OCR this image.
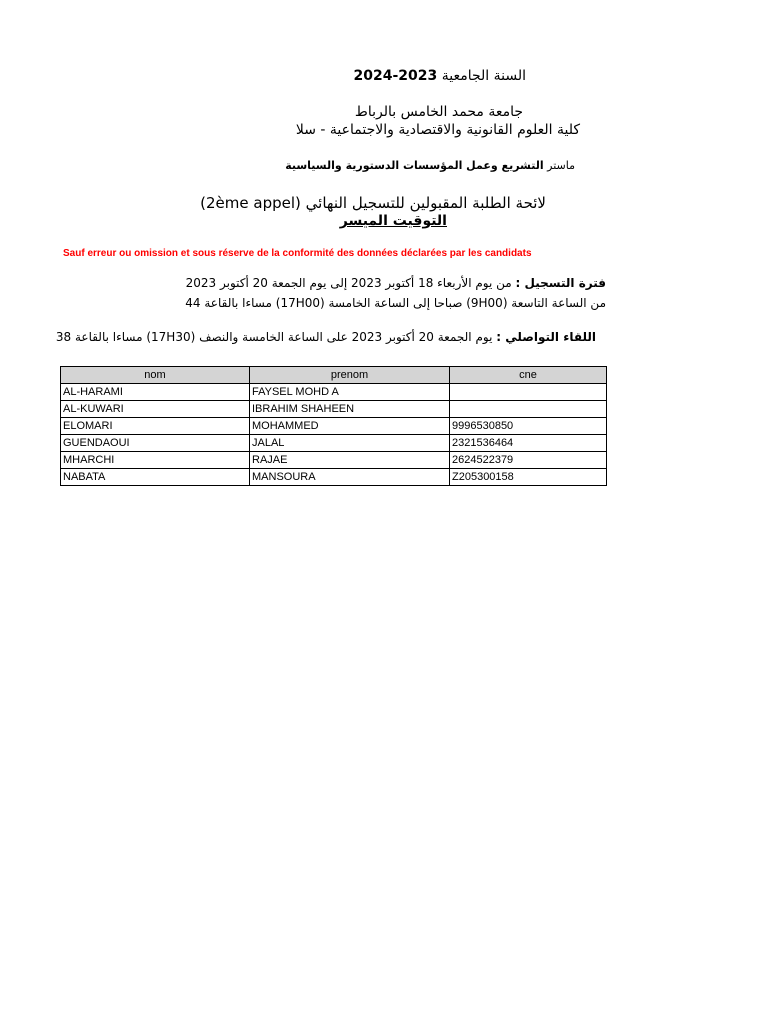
السنة الجامعية 2024-2023
جامعة محمد الخامس بالرباط
كلية العلوم القانونية والاقتصادية والاجتماعية - سلا
ماستر التشريع وعمل المؤسسات الدستورية والسياسية
لائحة الطلبة المقبولين للتسجيل النهائي (2ème appel)
التوقيت الميسر
Sauf erreur ou omission et sous réserve de la conformité des données déclarées par les candidats
فترة التسجيل : من يوم الأربعاء 18 أكتوبر 2023 إلى يوم الجمعة 20 أكتوبر 2023
من الساعة التاسعة (9H00) صباحا إلى الساعة الخامسة (17H00) مساءا بالقاعة 44
اللقاء التواصلي : يوم الجمعة 20 أكتوبر 2023 على الساعة الخامسة والنصف (17H30) مساءا بالقاعة 38
nom	prenom	cne
AL-HARAMI	FAYSEL MOHD A	
AL-KUWARI	IBRAHIM SHAHEEN	
ELOMARI	MOHAMMED	9996530850
GUENDAOUI	JALAL	2321536464
MHARCHI	RAJAE	2624522379
NABATA	MANSOURA	Z205300158
